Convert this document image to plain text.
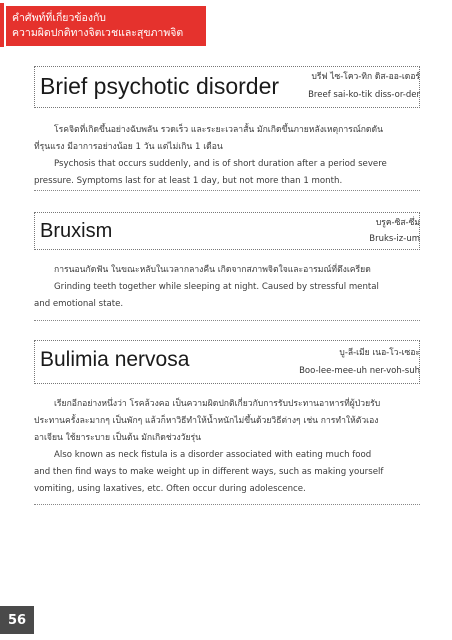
คำศัพท์ที่เกี่ยวข้องกับ
ความผิดปกติทางจิตเวชและสุขภาพจิต
Brief psychotic disorder	บรีฟ ไซ-โคว-ทิก ดิส-ออ-เดอร์
Breef sai-ko-tik diss-or-der

โรคจิตที่เกิดขึ้นอย่างฉับพลัน รวดเร็ว และระยะเวลาสั้น มักเกิดขึ้นภายหลังเหตุการณ์กดดัน

ที่รุนแรง มีอาการอย่างน้อย 1 วัน แต่ไม่เกิน 1 เดือน

Psychosis that occurs suddenly, and is of short duration after a period severe

pressure. Symptoms last for at least 1 day, but not more than 1 month.

Bruxism	บรูค-ซิส-ซึ่ม
Bruks-iz-um

การนอนกัดฟัน ในขณะหลับในเวลากลางคืน เกิดจากสภาพจิตใจและอารมณ์ที่ตึงเครียด

Grinding teeth together while sleeping at night. Caused by stressful mental

and emotional state.

Bulimia nervosa	บู-ลี-เมีย เนอ-โว-เซอะ
Boo-lee-mee-uh ner-voh-suh

เรียกอีกอย่างหนึ่งว่า โรคล้วงคอ เป็นความผิดปกติเกี่ยวกับการรับประทานอาหารที่ผู้ป่วยรับ

ประทานครั้งละมากๆ เป็นพักๆ แล้วก็หาวิธีทำให้น้ำหนักไม่ขึ้นด้วยวิธีต่างๆ เช่น การทำให้ตัวเอง

อาเจียน ใช้ยาระบาย เป็นต้น มักเกิดช่วงวัยรุ่น

Also known as neck fistula is a disorder associated with eating much food

and then find ways to make weight up in different ways, such as making yourself

vomiting, using laxatives, etc. Often occur during adolescence.

56
